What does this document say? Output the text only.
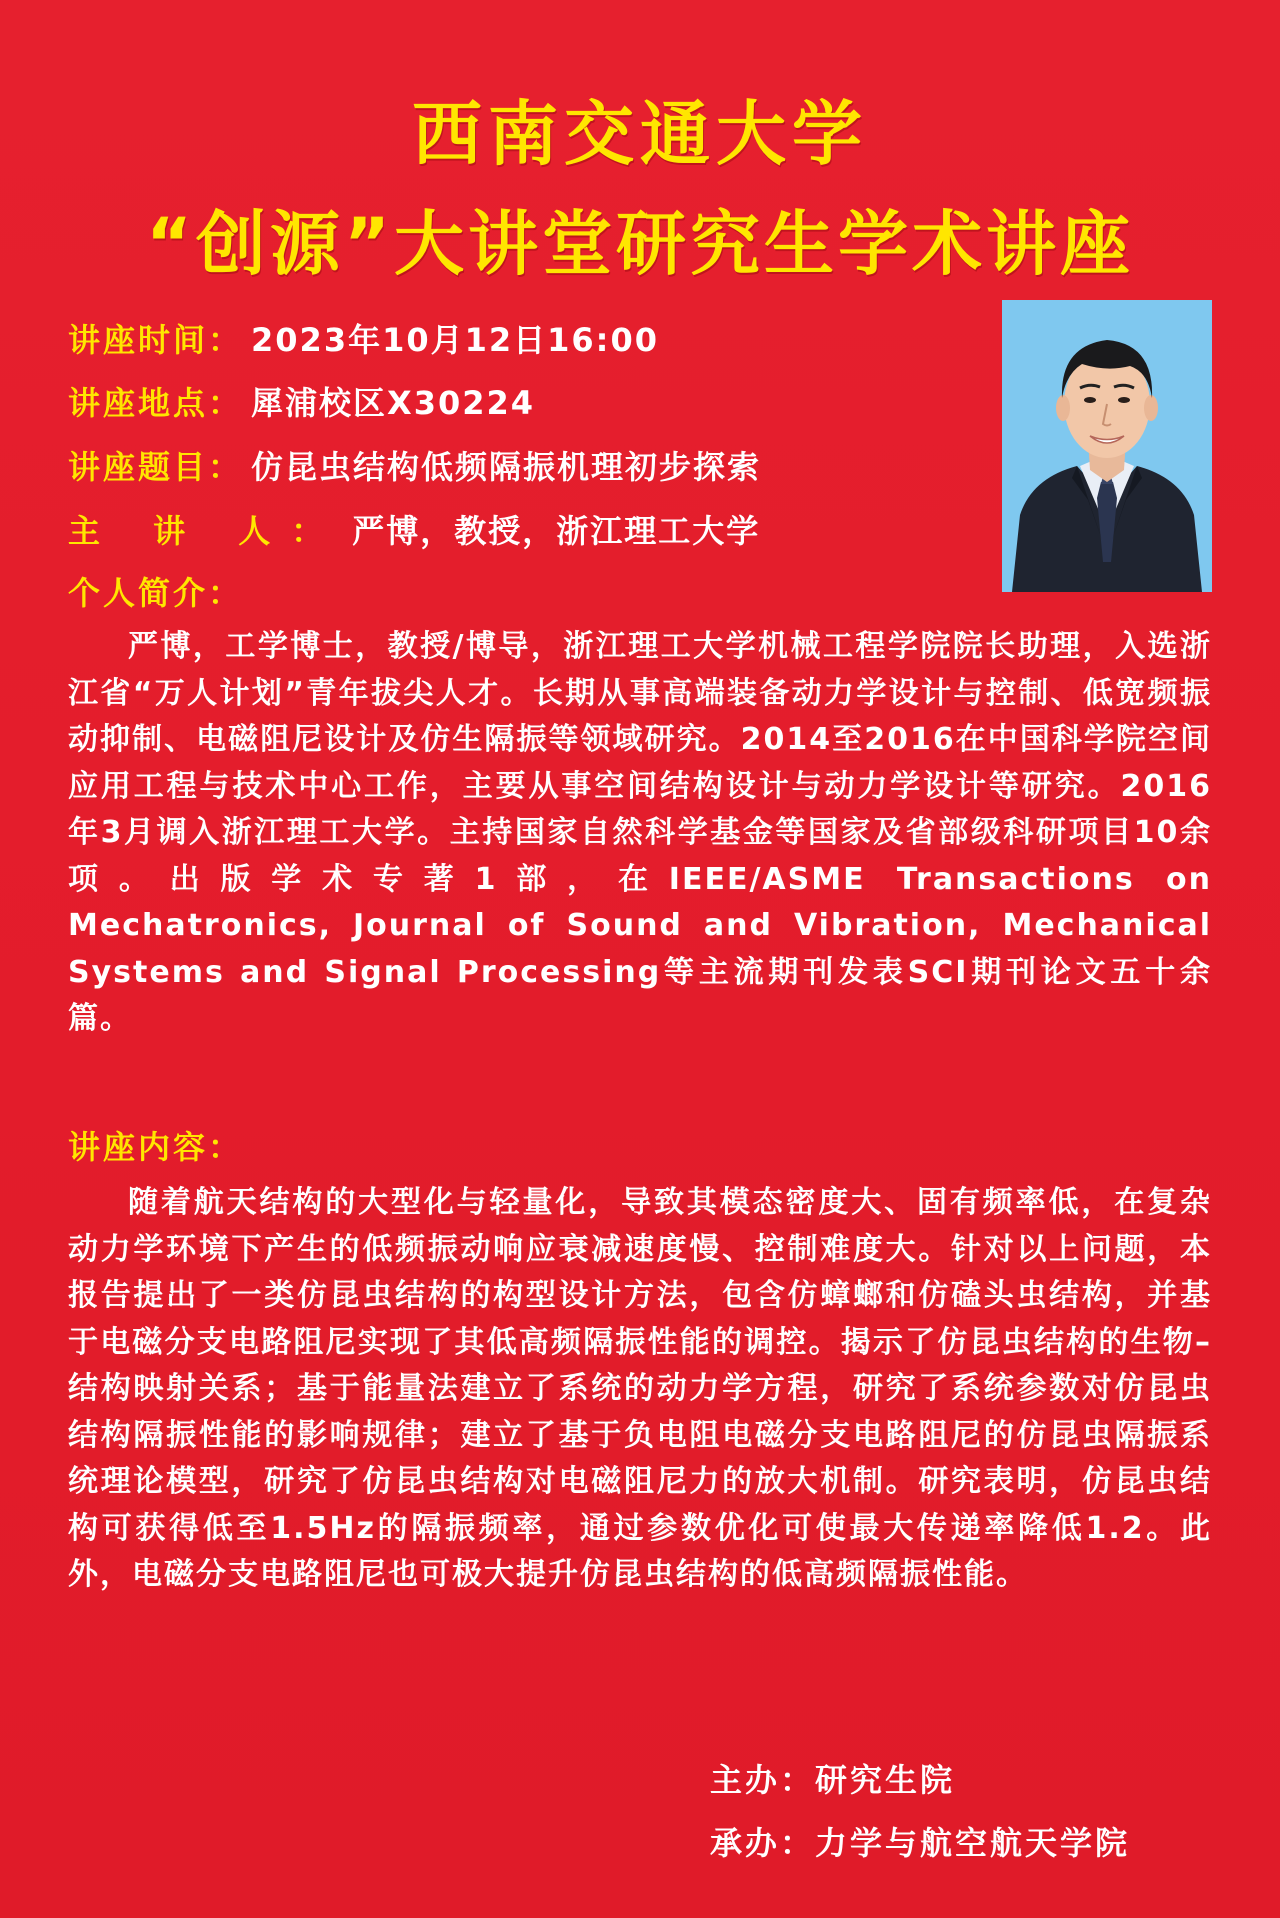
西南交通大学
“创源”大讲堂研究生学术讲座
讲座时间： 2023年10月12日16:00
讲座地点： 犀浦校区X30224
讲座题目： 仿昆虫结构低频隔振机理初步探索
主 讲 人： 严博，教授，浙江理工大学
个人简介：

严博，工学博士，教授/博导，浙江理工大学机械工程学院院长助理，入选浙江省“万人计划”青年拔尖人才。长期从事高端装备动力学设计与控制、低宽频振动抑制、电磁阻尼设计及仿生隔振等领域研究。2014至2016在中国科学院空间应用工程与技术中心工作，主要从事空间结构设计与动力学设计等研究。2016年3月调入浙江理工大学。主持国家自然科学基金等国家及省部级科研项目10余项。出版学术专著1部，在IEEE/ASME Transactions on Mechatronics, Journal of Sound and Vibration, Mechanical Systems and Signal Processing等主流期刊发表SCI期刊论文五十余篇。

讲座内容：

随着航天结构的大型化与轻量化，导致其模态密度大、固有频率低，在复杂动力学环境下产生的低频振动响应衰减速度慢、控制难度大。针对以上问题，本报告提出了一类仿昆虫结构的构型设计方法，包含仿蟑螂和仿磕头虫结构，并基于电磁分支电路阻尼实现了其低高频隔振性能的调控。揭示了仿昆虫结构的生物–结构映射关系；基于能量法建立了系统的动力学方程，研究了系统参数对仿昆虫结构隔振性能的影响规律；建立了基于负电阻电磁分支电路阻尼的仿昆虫隔振系统理论模型，研究了仿昆虫结构对电磁阻尼力的放大机制。研究表明，仿昆虫结构可获得低至1.5Hz的隔振频率，通过参数优化可使最大传递率降低1.2。此外，电磁分支电路阻尼也可极大提升仿昆虫结构的低高频隔振性能。

主办：研究生院
承办：力学与航空航天学院
